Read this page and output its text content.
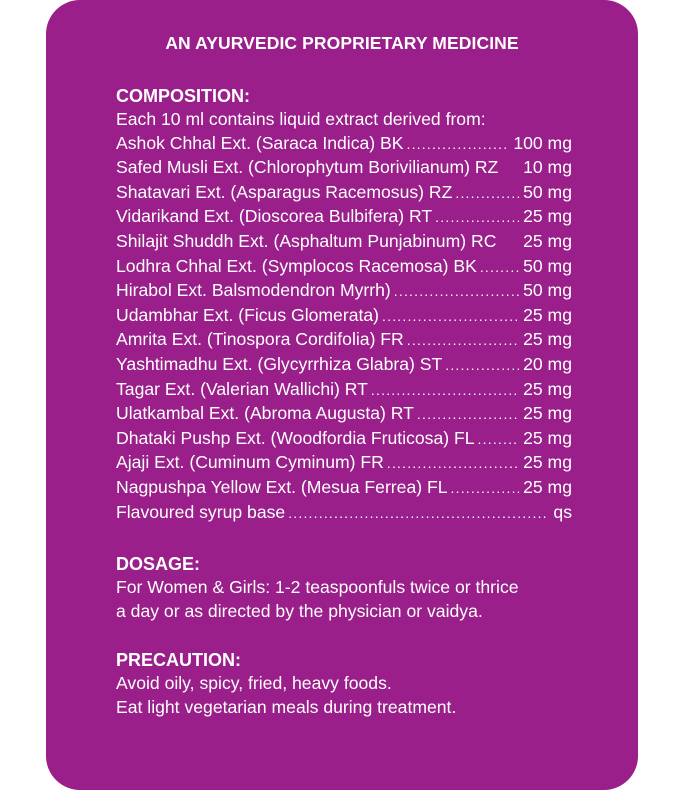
AN AYURVEDIC PROPRIETARY MEDICINE
COMPOSITION:
Each 10 ml contains liquid extract derived from:
Ashok Chhal Ext. (Saraca Indica) BK .....	100 mg
Safed Musli Ext. (Chlorophytum Borivilianum) RZ 10 mg
Shatavari Ext. (Asparagus Racemosus) RZ .....	50 mg
Vidarikand Ext. (Dioscorea Bulbifera) RT .....	25 mg
Shilajit Shuddh Ext. (Asphaltum Punjabinum) RC 25 mg
Lodhra Chhal Ext. (Symplocos Racemosa) BK .....	50 mg
Hirabol Ext. Balsmodendron Myrrh) .....	50 mg
Udambhar Ext. (Ficus Glomerata) .....	25 mg
Amrita Ext. (Tinospora Cordifolia) FR .....	25 mg
Yashtimadhu Ext. (Glycyrrhiza Glabra) ST .....	20 mg
Tagar Ext. (Valerian Wallichi) RT .....	25 mg
Ulatkambal Ext. (Abroma Augusta) RT .....	25 mg
Dhataki Pushp Ext. (Woodfordia Fruticosa) FL .....	25 mg
Ajaji Ext. (Cuminum Cyminum) FR .....	25 mg
Nagpushpa Yellow Ext. (Mesua Ferrea) FL .....	25 mg
Flavoured syrup base .....	qs
DOSAGE:
For Women & Girls: 1-2 teaspoonfuls twice or thrice
a day or as directed by the physician or vaidya.
PRECAUTION:
Avoid oily, spicy, fried, heavy foods.
Eat light vegetarian meals during treatment.
